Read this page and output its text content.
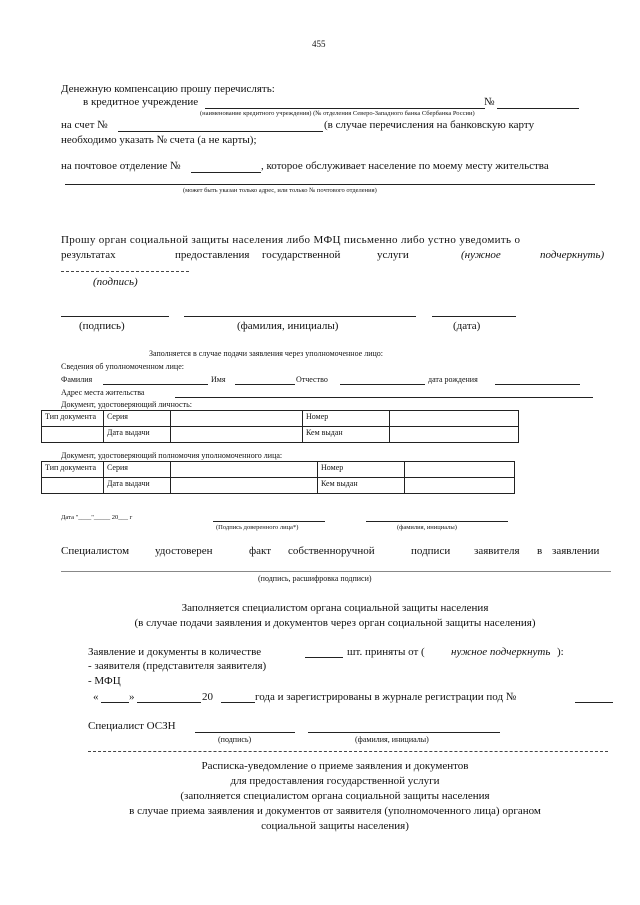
455
Денежную компенсацию прошу перечислять:
в кредитное учреждение	№
(наименование кредитного учреждения) (№ отделения Северо-Западного банка Сбербанка России)
на счет №	(в случае перечисления на банковскую карту
необходимо указать № счета (а не карты);
на почтовое отделение №	, которое обслуживает население по моему месту жительства
(может быть указан только адрес, или только № почтового отделения)
Прошу орган социальной защиты населения либо МФЦ письменно либо устно уведомить о
результатах	предоставления государственной	услуги	(нужное	подчеркнуть)
(подпись)
(подпись)	(фамилия, инициалы)	(дата)
Заполняется в случае подачи заявления через уполномоченное лицо:
Сведения об уполномоченном лице:
Фамилия	Имя	Отчество	дата рождения
Адрес места жительства
Документ, удостоверяющий личность:
Тип документа	Серия		Номер	
	Дата выдачи		Кем выдан	
Документ, удостоверяющий полномочия уполномоченного лица:
Тип документа	Серия		Номер	
	Дата выдачи		Кем выдан	
Дата "____"_____ 20___ г
(Подпись доверенного лица*)	(фамилия, инициалы)
Специалистом удостоверен	факт собственноручной	подписи заявителя в заявлении
(подпись, расшифровка подписи)
Заполняется специалистом органа социальной защиты населения
(в случае подачи заявления и документов через орган социальной защиты населения)
Заявление и документы в количестве	шт. приняты от ( нужное подчеркнуть ):
- заявителя (представителя заявителя)
- МФЦ
«	»	20	года и зарегистрированы в журнале регистрации под №
Специалист ОСЗН
(подпись)	(фамилия, инициалы)
Расписка-уведомление о приеме заявления и документов
для предоставления государственной услуги
(заполняется специалистом органа социальной защиты населения
в случае приема заявления и документов от заявителя (уполномоченного лица) органом
социальной защиты населения)
